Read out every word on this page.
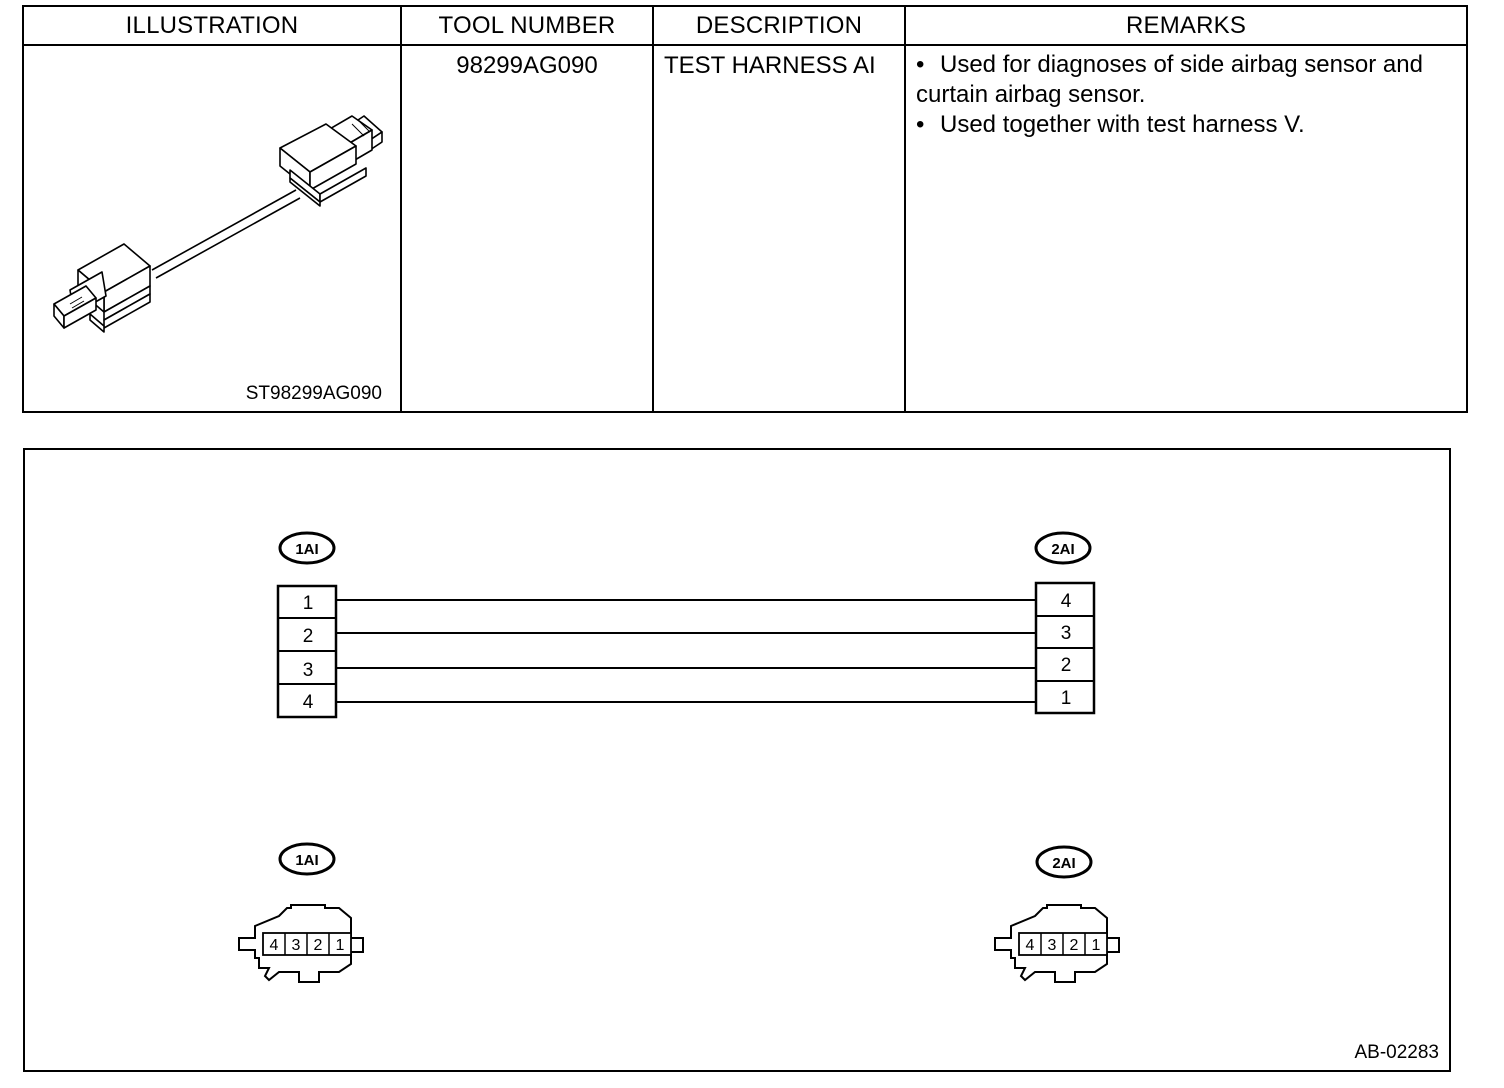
ILLUSTRATION	TOOL NUMBER	DESCRIPTION	REMARKS

ST98299AG090	98299AG090	TEST HARNESS AI	• Used for diagnoses of side airbag sensor and
curtain airbag sensor.
• Used together with test harness V.
1AI	2AI
1
2
3
4
4
3
2
1
1AI	2AI
4 3 2 1	4 3 2 1
AB-02283
